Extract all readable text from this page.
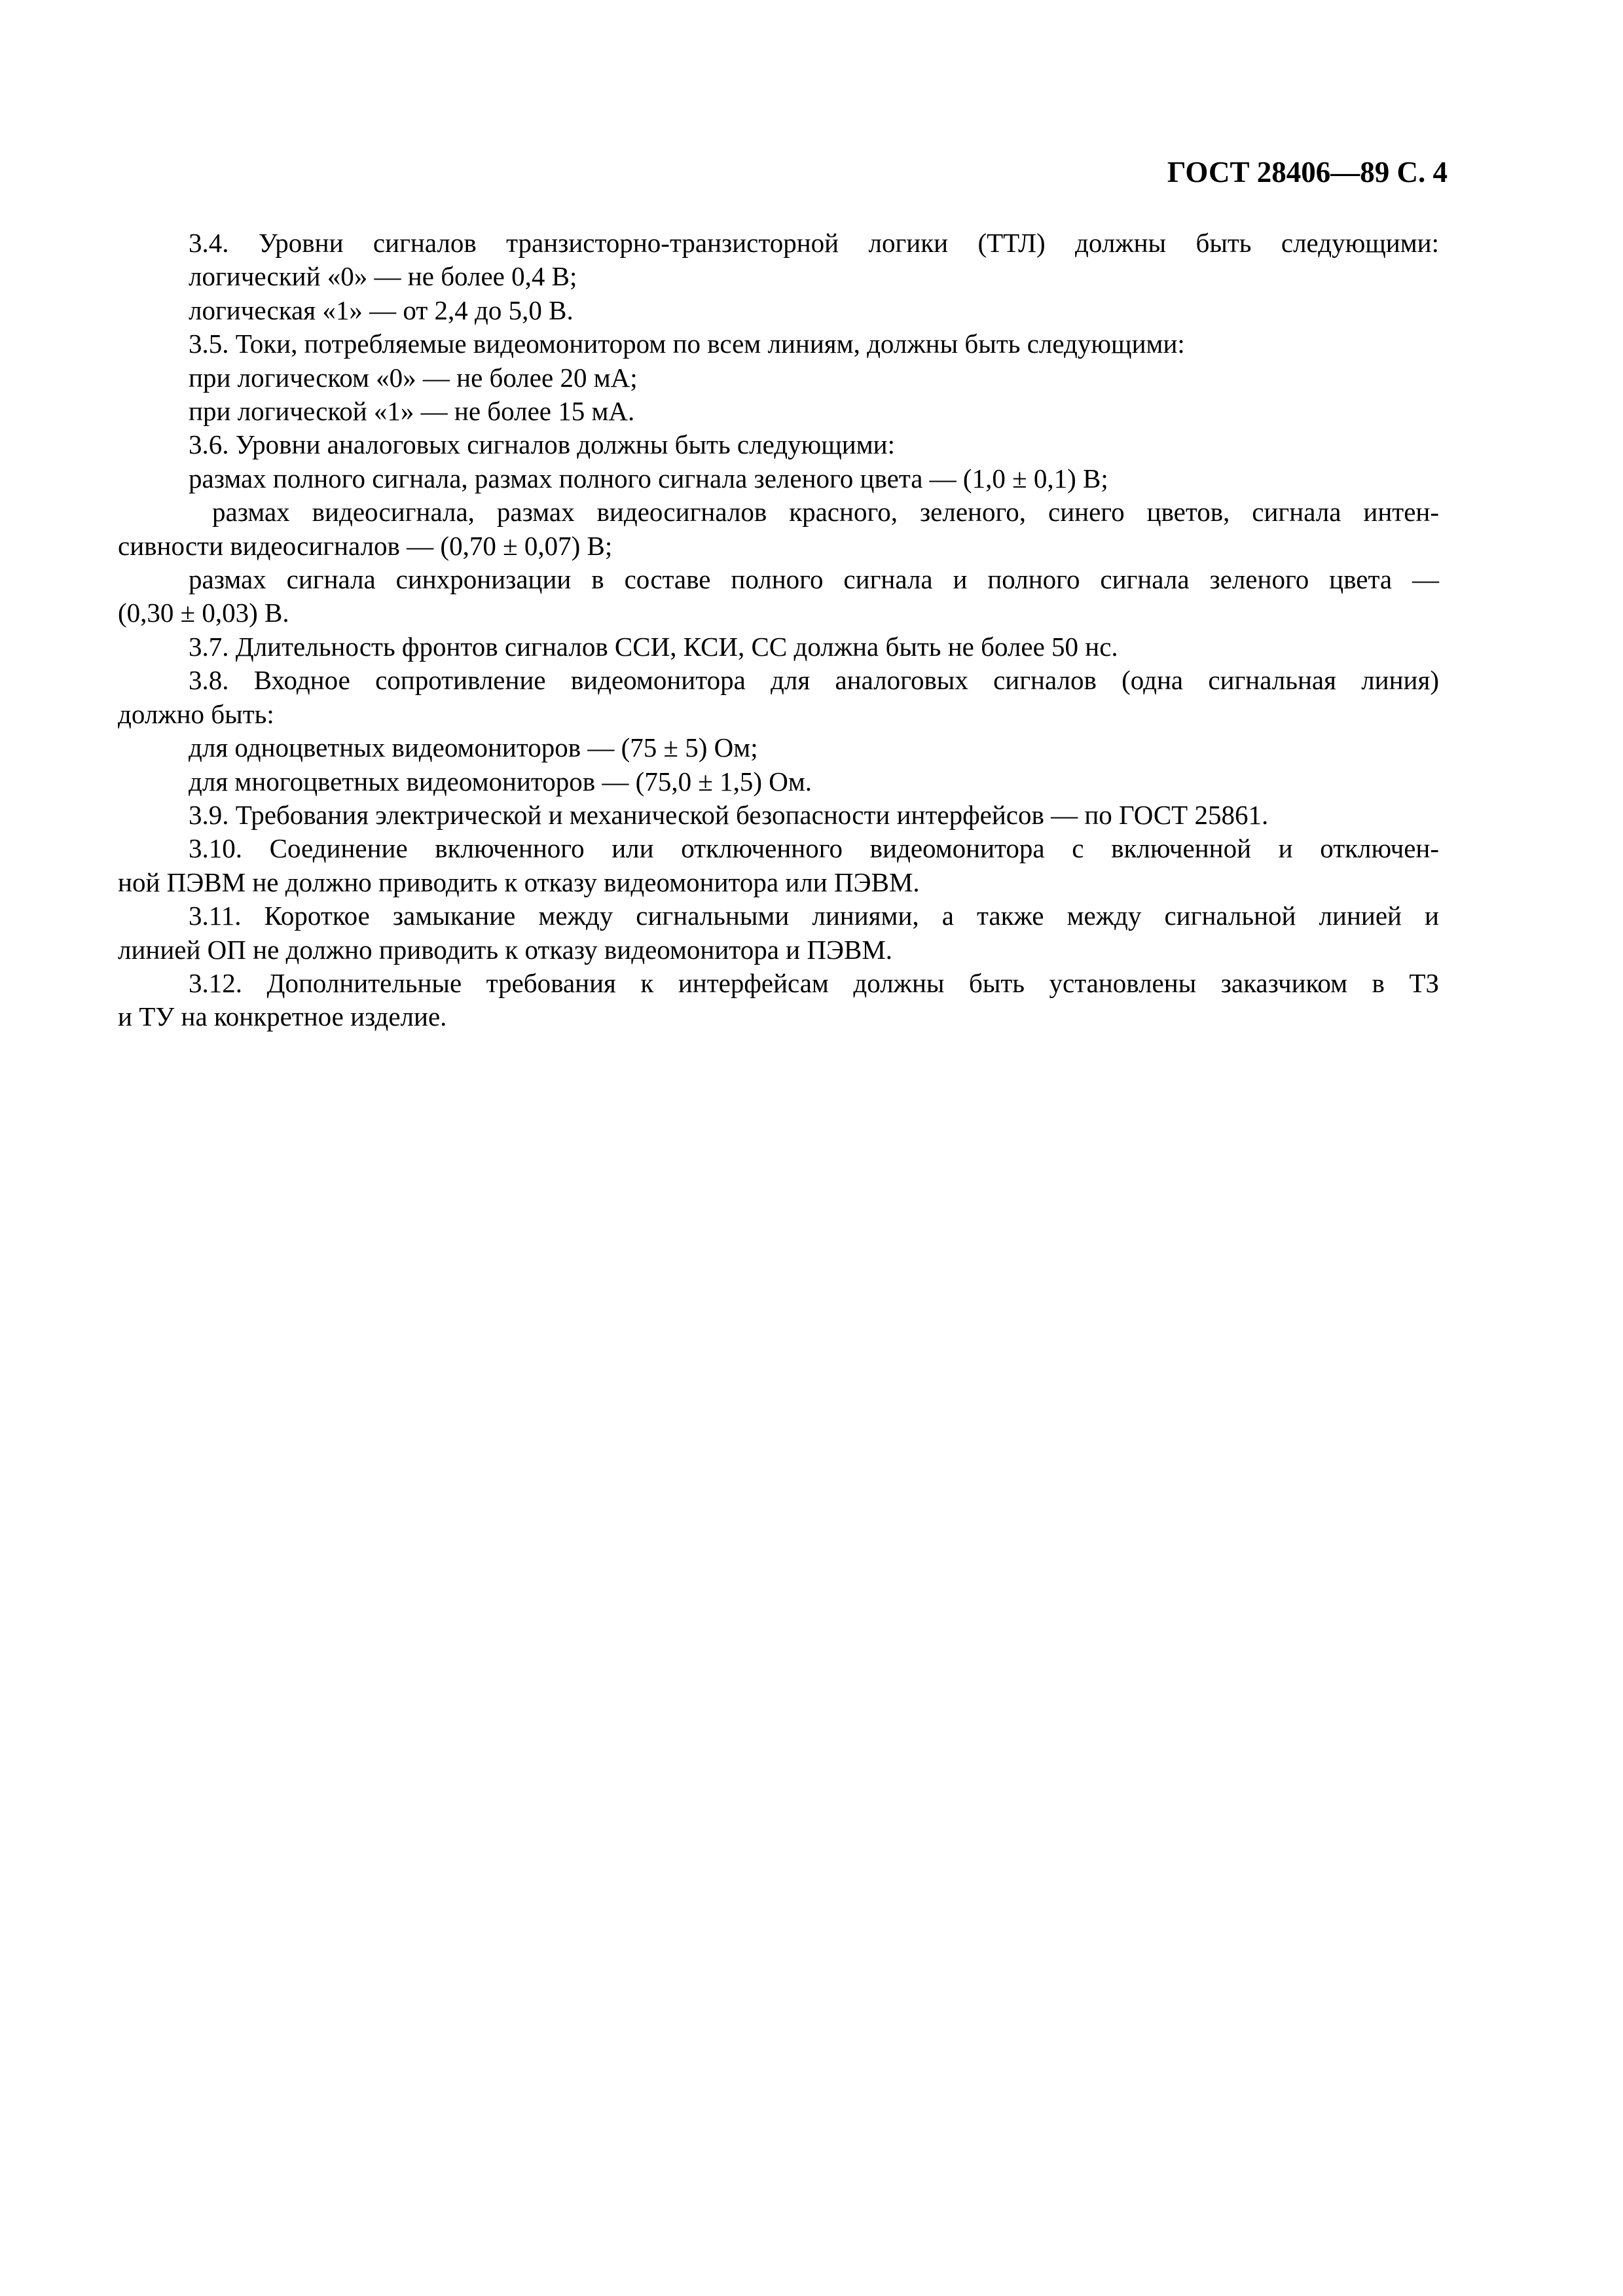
ГОСТ 28406—89 С. 4
3.4. Уровни сигналов транзисторно-транзисторной логики (ТТЛ) должны быть следующими:
логический «0» — не более 0,4 В;
логическая «1» — от 2,4 до 5,0 В.
3.5. Токи, потребляемые видеомонитором по всем линиям, должны быть следующими:
при логическом «0» — не более 20 мА;
при логической «1» — не более 15 мА.
3.6. Уровни аналоговых сигналов должны быть следующими:
размах полного сигнала, размах полного сигнала зеленого цвета — (1,0 ± 0,1) В;
размах видеосигнала, размах видеосигналов красного, зеленого, синего цветов, сигнала интен-
сивности видеосигналов — (0,70 ± 0,07) В;
размах сигнала синхронизации в составе полного сигнала и полного сигнала зеленого цвета —
(0,30 ± 0,03) В.
3.7. Длительность фронтов сигналов ССИ, КСИ, СС должна быть не более 50 нс.
3.8. Входное сопротивление видеомонитора для аналоговых сигналов (одна сигнальная линия)
должно быть:
для одноцветных видеомониторов — (75 ± 5) Ом;
для многоцветных видеомониторов — (75,0 ± 1,5) Ом.
3.9. Требования электрической и механической безопасности интерфейсов — по ГОСТ 25861.
3.10. Соединение включенного или отключенного видеомонитора с включенной и отключен-
ной ПЭВМ не должно приводить к отказу видеомонитора или ПЭВМ.
3.11. Короткое замыкание между сигнальными линиями, а также между сигнальной линией и
линией ОП не должно приводить к отказу видеомонитора и ПЭВМ.
3.12. Дополнительные требования к интерфейсам должны быть установлены заказчиком в ТЗ
и ТУ на конкретное изделие.
